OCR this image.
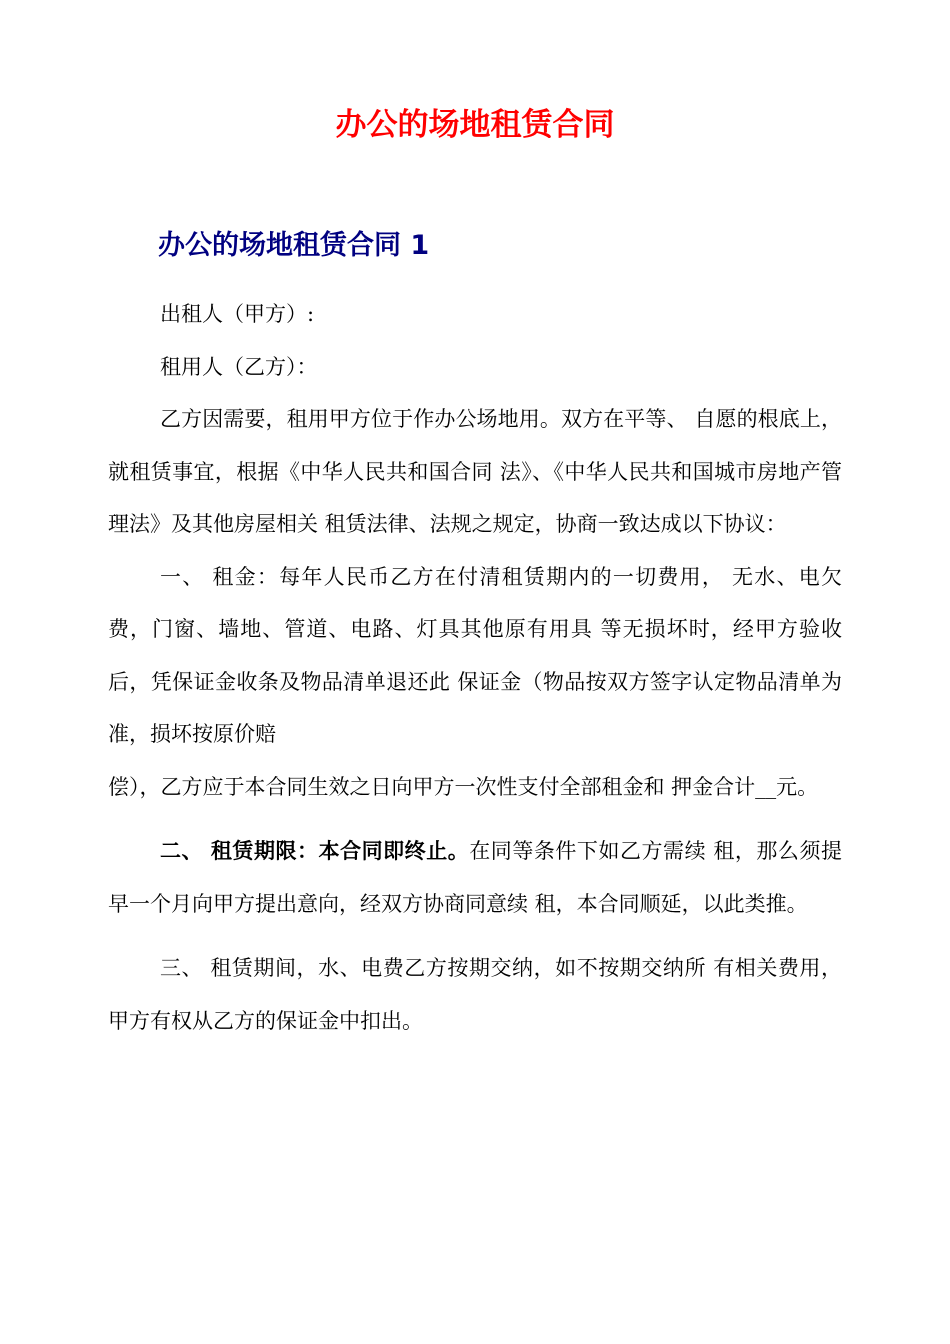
办公的场地租赁合同
办公的场地租赁合同 1

出租人（甲方）:

租用人（乙方）：

乙方因需要，租用甲方位于作办公场地用。双方在平等、 自愿的根底上，就租赁事宜，根据《中华人民共和国合同 法》、《中华人民共和国城市房地产管理法》及其他房屋相关 租赁法律、法规之规定，协商一致达成以下协议：

一、 租金：每年人民币乙方在付清租赁期内的一切费用， 无水、电欠费，门窗、墙地、管道、电路、灯具其他原有用具 等无损坏时，经甲方验收后，凭保证金收条及物品清单退还此 保证金（物品按双方签字认定物品清单为准，损坏按原价赔

偿），乙方应于本合同生效之日向甲方一次性支付全部租金和 押金合计__元。

二、 租赁期限：本合同即终止。在同等条件下如乙方需续 租，那么须提早一个月向甲方提出意向，经双方协商同意续 租，本合同顺延，以此类推。

三、 租赁期间，水、电费乙方按期交纳，如不按期交纳所 有相关费用，甲方有权从乙方的保证金中扣出。
